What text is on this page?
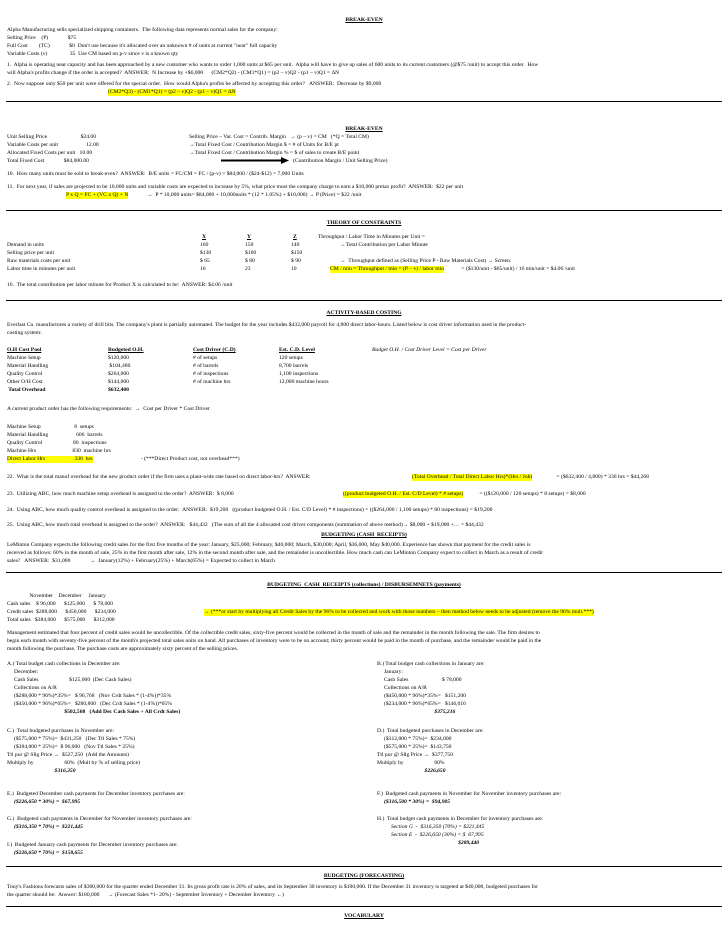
BREAK-EVEN
Alpha Manufacturing sells specialized shipping containers.  The following data represents normal sales for the company:
Selling Price    (P)              $75
Full Cost        (TC)              $0  Don't use because it's allocated over an unknown # of units at current "near" full capacity
Variable Costs (v)                35  Use CM based on p-v since v is a known qty
1.  Alpha is operating near capacity and has been approached by a new customer who wants to order 1,000 units at $65 per unit.  Alpha will have to give up sales of 600 units to its current customers (@$75 /unit) to accept this order.  How
will Alpha's profits change if the order is accepted?  ANSWER:  N Increase by +$6,000      (CM2*Q2) - (CM1*Q1) = (p2 – v)Q2 - (p1 – v)Q1 = ΔN
2.  Now suppose only $50 per unit were offered for the special order.  How would Alpha's profits be affected by accepting this order?   ANSWER:  Decrease by $9,000
(CM2*Q3) - (CM1*Q1) = (p2 – v)Q2 - (p1 – v)Q1 = ΔN
BREAK-EVEN
Unit Selling Price                        $24.00	Selling Price – Var. Cost = Contrib. Margin   → (p – v) = CM   (*Q = Total CM)
Variable Costs per unit                    12.00	→Total Fixed Cost / Contribution Margin $ = # of Units for B/E pt
Allocated Fixed Costs per unit   10.00	→Total Fixed Cost / Contribution Margin % = $ of sales to create B/E point
Total Fixed Cost              $84,000.00	(Contribution Margin / Unit Selling Price)
10.  How many units must be sold to break-even?  ANSWER:  B/E units = FC/CM = FC / (p-v) = $84,000 / ($24-$12) = 7,000 Units
11.  For next year, if sales are projected to be 10,000 units and variable costs are expected to increase by 5%, what price must the company charge to earn a $10,000 pretax profit?  ANSWER:  $22 per unit
P x Q = FC + (VC x Q) + N	→  P * 10,000 units= $84,000 + 10,000units * (12 * 1.05%) + $10,000) → P (Price) = $22 /unit
THEORY OF CONSTRAINTS
X	Y	Z	Throughput / Labor Time in Minutes per Unit =
Demand in units	160	150	140	→Total Contribution per Labor Minute
Selling price per unit	$130	$160	$150
Raw materials costs per unit	$ 65	$ 80	$ 90	→  Throughput defined as (Selling Price P - Raw Materials Cost) → Screen:
Labor time in minutes per unit	16	23	10	CM / min = Throughput / min = (P – v) / labor min	= ($130/unit - $65/unit) / 16 min/unit = $4.06 /unit
16.  The total contribution per labor minute for Product X is calculated to be:  ANSWER: $4.06 /unit
ACTIVITY-BASED COSTING
Everlast Co. manufactures a variety of drill bits. The company's plant is partially automated. The budget for the year includes $432,000 payroll for 4,800 direct labor-hours. Listed below is cost driver information used in the product-
costing system:
O.H Cost Pool	Budgeted O.H.	Cost Driver (C.D)	Est. C.D. Level	Budget O.H. / Cost Driver Level = Cost per Driver
Machine Setup	$120,000	# of setups	120 setups
Material Handling	$104,400	# of barrels	8,700 barrels
Quality Control	$264,000	# of inspections	1,100 inspections
Other O/H Cost	$144,000	# of machine hrs	12,000 machine hours
Total Overhead	$632,400
A current product order has the following requirements:  →  Cost per Driver * Cost Driver
Machine Setup                        8  setups
Material Handling                    606  barrels
Quality Control                      80  inspections
Machine Hrs                          830  machine hrs
Direct Labor Hrs                     336  hrs	- (***Direct Product cost, not overhead***)
22.  What is the total manuf overhead for the new product order if the firm uses a plant-wide rate based on direct labor-hrs?  ANSWER:	(Total Overhead / Total Direct Labor Hrs)*(Hrs / Job)	= ($632,400 / 4,800) * 336 hrs = $44,268
23.  Utilizing ABC, how much machine setup overhead is assigned to the order?  ANSWER:  $ 8,000	((product budgeted O.H. / Est. C/D Level) * # setups)	= (($120,000 / 120 setups) * 8 setups) = $8,000
24.  Using ABC, how much quality control overhead is assigned to the order:  ANSWER:  $19,200   ((product budgeted O.H. / Est. C/D Level) * # inspections) = (($264,000 / 1,100 setups) * 80 inspections) = $19,200
25.  Using ABC, how much total overhead is assigned to the order?  ANSWER:   $44,432   (The sum of all the 4 allocated cost driver components (summation of above method)→ $8,000 + $19,000 +… = $44,432
BUDGETING (CASH  RECEIPTS)
LeMinton Company expects the following credit sales for the first five months of the year: January, $25,000; February, $40,000; March, $30,000; April, $36,000, May $40,000. Experience has shown that payment for the credit sales is
received as follows: 60% in the month of sale, 25% in the first month after sale, 12% in the second month after sale, and the remainder is uncollectible. How much cash can LeMinton Company expect to collect in March as a result of credit
sales?   ANSWER:  $31,000              →  January(12%) + February(25%) + March(65%) = Expected to collect in March
BUDGETING  CASH  RECEIPTS (collections) / DISBURSEMNETS (payments)
November    December     January
Cash sales    $ 96,000      $125,000      $ 78,000
Credit sales  $288,000      $450,000      $234,000	→ (***or start by multiplying all Credit Sales by the 96% to be collected and work with those numbers – then method below needs to be adjusted (remove the 96% mult.***)
Total sales   $384,000      $575,000      $312,000
Management estimated that four percent of credit sales would be uncollectible. Of the collectible credit sales, sixty-five percent would be collected in the month of sale and the remainder in the month following the sale. The firm desires to
begin each month with seventy-five percent of the month's projected total sales units on hand. All purchases of inventory were to be on account; thirty percent would be paid in the month of purchase, and the remainder would be paid in the
month following the purchase. The purchase costs are approximately sixty percent of the selling prices.
A.) Total budget cash collections in December are:
December:
Cash Sales                      $125,000  (Dec Cash Sales)
Collections on A/R
($288,000 * 96%)*35%=   $ 96,768   (Nov Crdt Sales * (1-4%))*35%
($450,000 * 96%)*65%=   $280,800   (Dec Crdt Sales * (1-4%))*65%
$502,568   (Add Dec Cash Sales + All Crdt Sales)
B.) Total budget cash collections in January are:
January:
Cash Sales                        $ 78,000
Collections on A/R
($450,000 * 96%)*35%=   $151,200
($234,000 * 96%)*65%=   $146,016
$375,216
C.)  Total budgeted purchases in November are:
($575,000 * 75%)=  $431,250   (Dec Ttl Sales * 75%)
($384,000 * 25%)=  $ 96,000   (Nov Ttl Sales * 25%)
Ttl pur @ Sllg Price →  $527,250  (Add the Amounts)
Multiply by                      60%  (Mult by % of selling price)
$316,350
D.)  Total budgeted purchases in December are:
($312,000 * 75%)=  $234,000
($575,000 * 25%)=  $143,750
Ttl pur @ Sllg Price →  $377,750
Multiply by                      60%
$226,650
E.)  Budgeted December cash payments for December inventory purchases are:
($226,650 * 30%) =  $67,995
F.)  Budgeted cash payments in November for November inventory purchases are:
($316,500 * 30%) =  $94,905
G.)  Budgeted cash payments in December for November inventory purchases are:
($316,350 * 70%) =  $221,445
H.)  Total budget cash payments in December for inventory purchases are:
Section G  -  $316,350 (70%) = $221,445
Section E  -  $226,650 (30%) = $  67,995
$289,440
I.)  Budgeted January cash payments for December inventory purchases are:
($226,650 * 70%) =  $158,655
BUDGETING (FORECASTING)
Tony's Fashions forecasts sales of $300,000 for the quarter ended December 31. Its gross profit rate is 20% of sales, and its September 30 inventory is $100,000. If the December 31 inventory is targeted at $40,000, budgeted purchases for
the quarter should be:  Answer: $180,000      → (Forecast Sales *1- 20%) - September Inventory + December Inventory ←)
VOCABULARY
